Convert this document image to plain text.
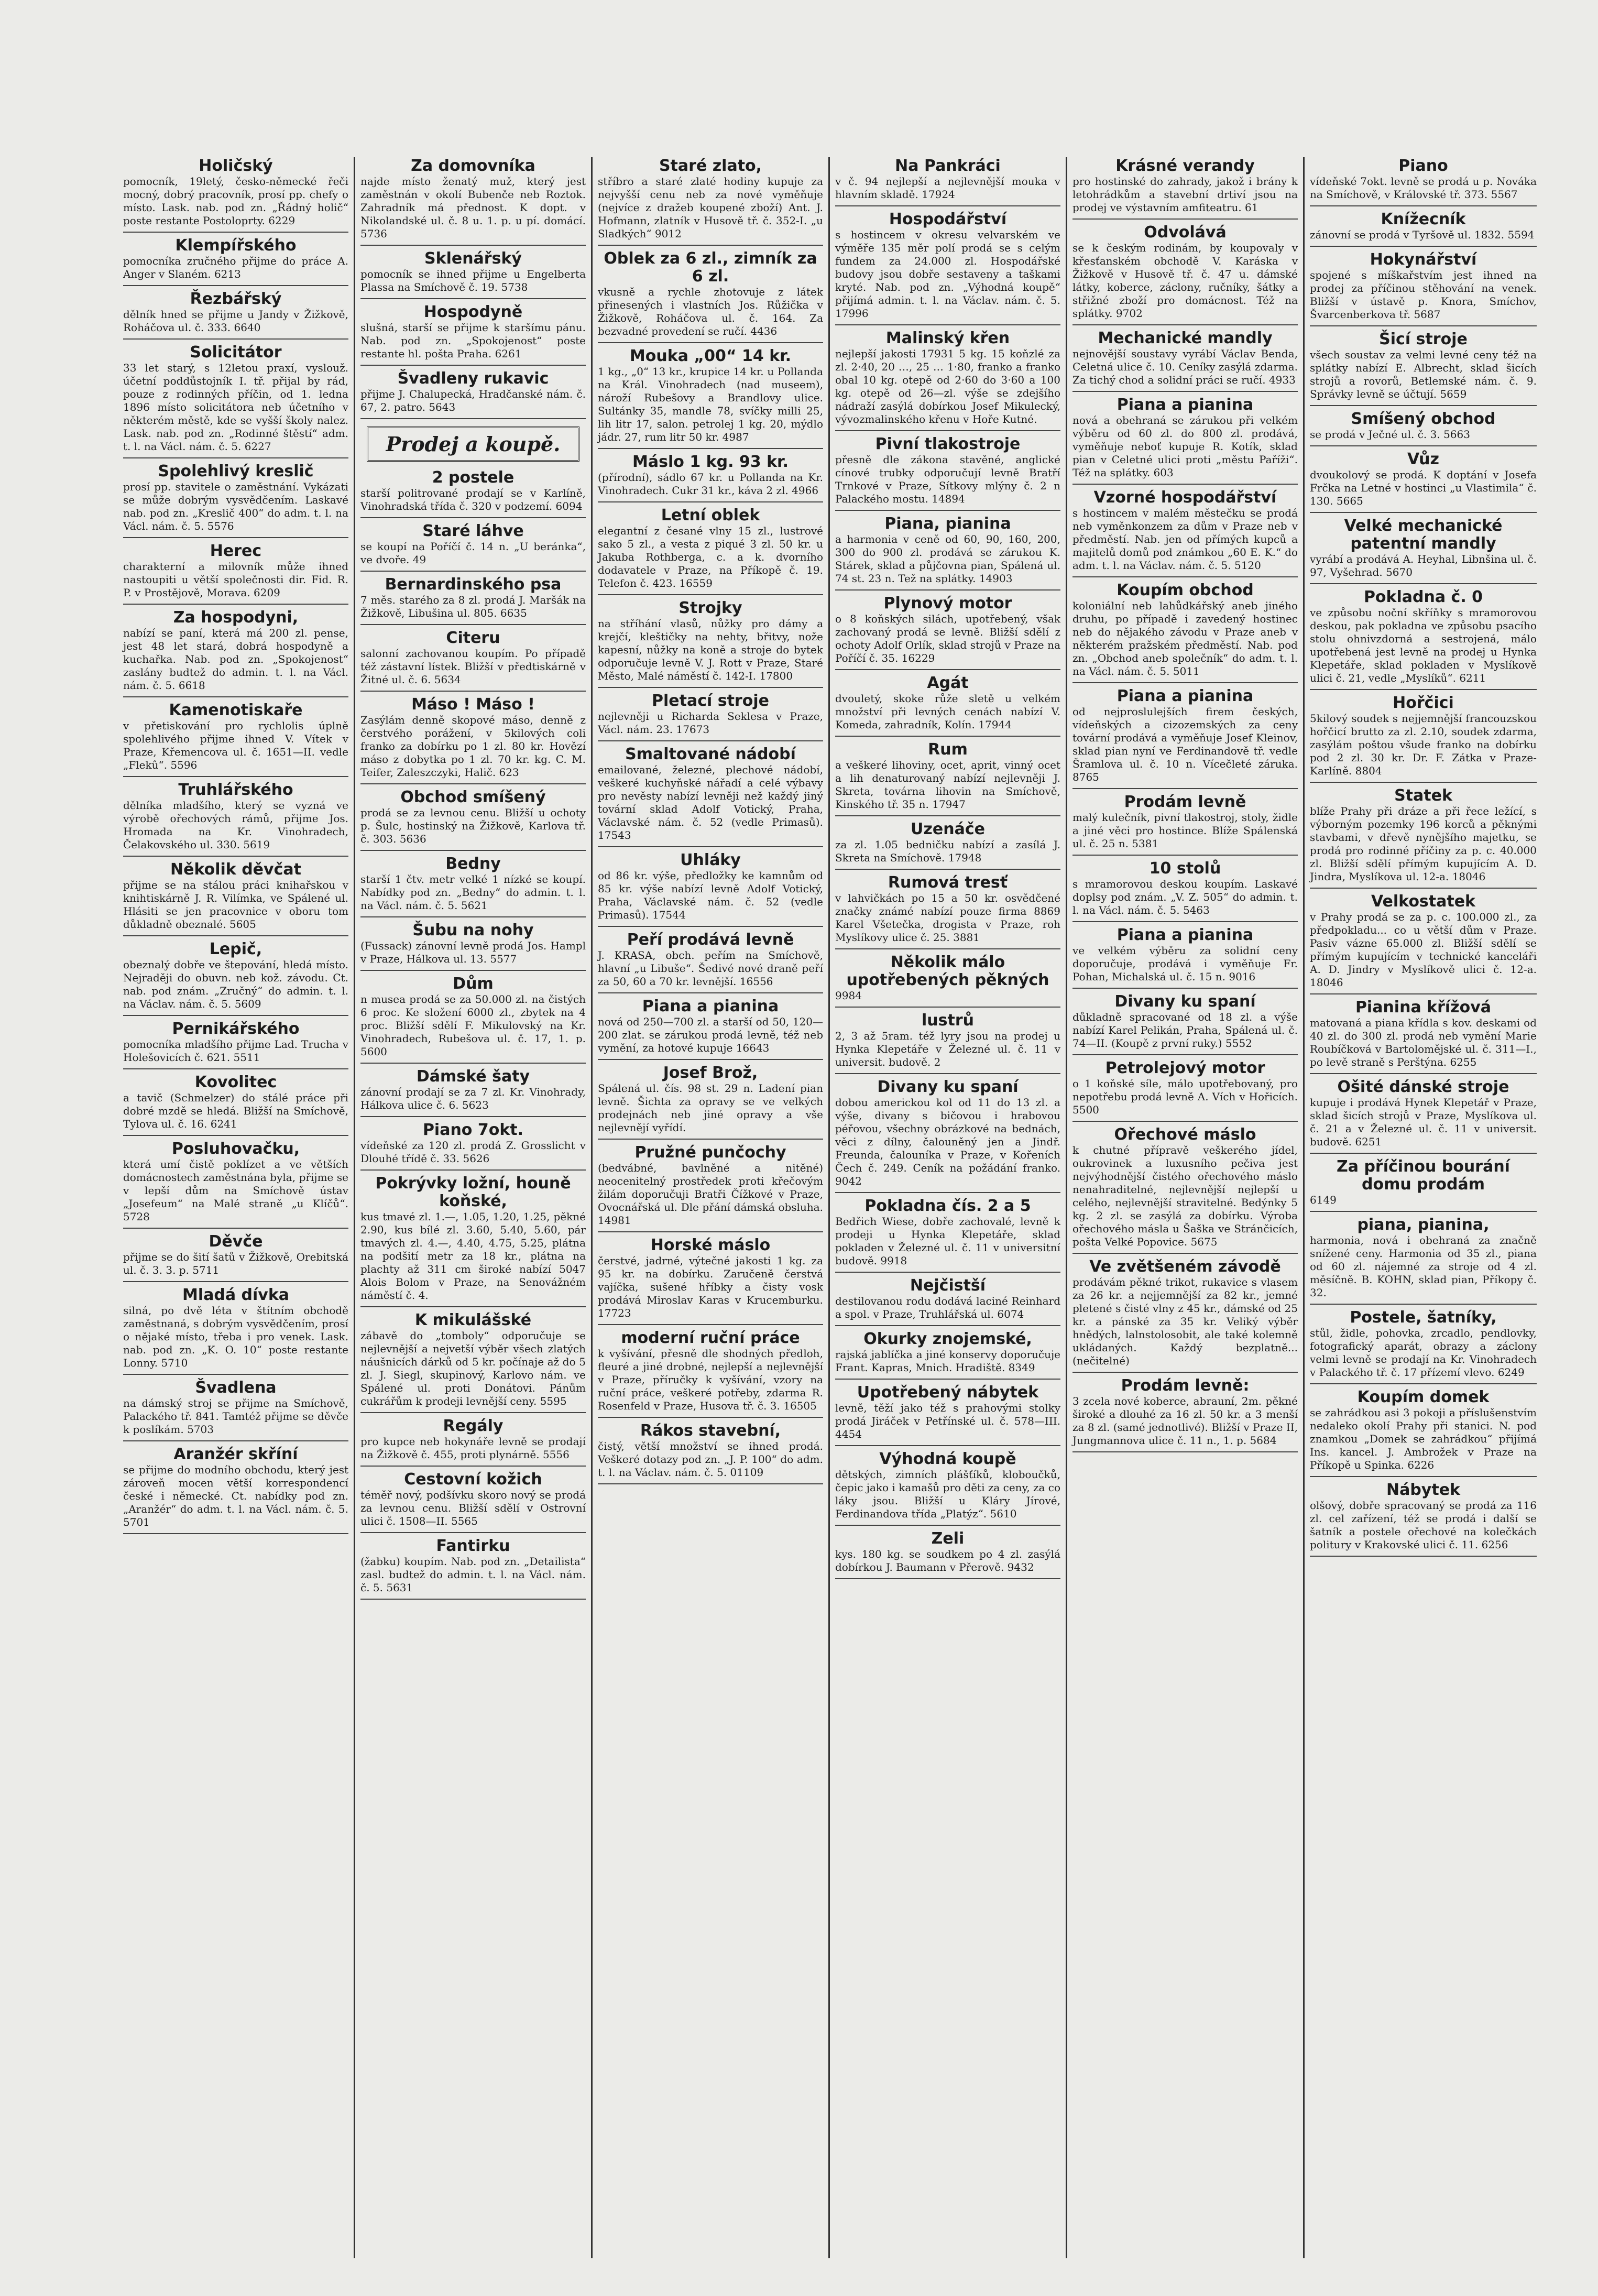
Holičský
pomocník, 19letý, česko-německé řeči mocný, dobrý pracovník, prosí pp. chefy o místo. Lask. nab. pod zn. „Řádný holič“ poste restante Postoloprty. 6229
Klempířského
pomocníka zručného přijme do práce A. Anger v Slaném. 6213
Řezbářský
dělník hned se přijme u Jandy v Žižkově, Roháčova ul. č. 333. 6640
Solicitátor
33 let starý, s 12letou praxí, vyslouž. účetní poddůstojník I. tř. přijal by rád, pouze z rodinných příčin, od 1. ledna 1896 místo solicitátora neb účetního v některém městě, kde se vyšší školy nalez. Lask. nab. pod zn. „Rodinné štěstí“ adm. t. l. na Václ. nám. č. 5. 6227
Spolehlivý kreslič
prosí pp. stavitele o zaměstnání. Vykázati se může dobrým vysvědčením. Laskavé nab. pod zn. „Kreslič 400“ do adm. t. l. na Václ. nám. č. 5. 5576
Herec
charakterní a milovník může ihned nastoupiti u větší společnosti dir. Fid. R. P. v Prostějově, Morava. 6209
Za hospodyni,
nabízí se paní, která má 200 zl. pense, jest 48 let stará, dobrá hospodyně a kuchařka. Nab. pod zn. „Spokojenost“ zaslány budtež do admin. t. l. na Václ. nám. č. 5. 6618
Kamenotiskaře
v přetiskování pro rychlolis úplně spolehlivého přijme ihned V. Vítek v Praze, Křemencova ul. č. 1651—II. vedle „Flekû“. 5596
Truhlářského
dělníka mladšího, který se vyzná ve výrobě ořechových rámů, přijme Jos. Hromada na Kr. Vinohradech, Čelakovského ul. 330. 5619
Několik děvčat
přijme se na stálou práci knihařskou v knihtiskárně J. R. Vilímka, ve Spálené ul. Hlásiti se jen pracovnice v oboru tom důkladně obeznalé. 5605
Lepič,
obeznalý dobře ve štepování, hledá místo. Nejraději do obuvn. neb kož. závodu. Ct. nab. pod znám. „Zručný“ do admin. t. l. na Václav. nám. č. 5. 5609
Pernikářského
pomocníka mladšího přijme Lad. Trucha v Holešovicích č. 621. 5511
Kovolitec
a tavič (Schmelzer) do stálé práce při dobré mzdě se hledá. Bližší na Smíchově, Tylova ul. č. 16. 6241
Posluhovačku,
která umí čistě poklízet a ve větších domácnostech zaměstnána byla, přijme se v lepší dům na Smíchově ústav „Josefeum“ na Malé straně „u Klíčů“. 5728
Děvče
přijme se do šití šatů v Žižkově, Orebitská ul. č. 3. 3. p. 5711
Mladá dívka
silná, po dvě léta v štítním obchodě zaměstnaná, s dobrým vysvědčením, prosí o nějaké místo, třeba i pro venek. Lask. nab. pod zn. „K. O. 10“ poste restante Lonny. 5710
Švadlena
na dámský stroj se přijme na Smíchově, Palackého tř. 841. Tamtéž přijme se děvče k poslíkám. 5703
Aranžér skříní
se přijme do modního obchodu, který jest zároveň mocen větší korrespondencí české i německé. Ct. nabídky pod zn. „Aranžér“ do adm. t. l. na Václ. nám. č. 5. 5701
Za domovníka
najde místo ženatý muž, který jest zaměstnán v okolí Bubenče neb Roztok. Zahradník má přednost. K dopt. v Nikolandské ul. č. 8 u. 1. p. u pí. domácí. 5736
Sklenářský
pomocník se ihned přijme u Engelberta Plassa na Smíchově č. 19. 5738
Hospodyně
slušná, starší se přijme k staršímu pánu. Nab. pod zn. „Spokojenost“ poste restante hl. pošta Praha. 6261
Švadleny rukavic
přijme J. Chalupecká, Hradčanské nám. č. 67, 2. patro. 5643
Prodej a koupě.
2 postele
starší politrované prodají se v Karlíně, Vinohradská třída č. 320 v podzemí. 6094
Staré láhve
se koupí na Poříčí č. 14 n. „U beránka“, ve dvoře. 49
Bernardinského psa
7 měs. starého za 8 zl. prodá J. Maršák na Žižkově, Libušina ul. 805. 6635
Citeru
salonní zachovanou koupím. Po případě též zástavní lístek. Bližší v předtiskárně v Žitné ul. č. 6. 5634
Máso ! Máso !
Zasýlám denně skopové máso, denně z čerstvého porážení, v 5kilových coli franko za dobírku po 1 zl. 80 kr. Hovězí máso z dobytka po 1 zl. 70 kr. kg. C. M. Teifer, Zaleszczyki, Halič. 623
Obchod smíšený
prodá se za levnou cenu. Bližší u ochoty p. Šulc, hostinský na Žižkově, Karlova tř. č. 303. 5636
Bedny
starší 1 čtv. metr velké 1 nízké se koupí. Nabídky pod zn. „Bedny“ do admin. t. l. na Václ. nám. č. 5. 5621
Šubu na nohy
(Fussack) zánovní levně prodá Jos. Hampl v Praze, Hálkova ul. 13. 5577
Dům
n musea prodá se za 50.000 zl. na čistých 6 proc. Ke složení 6000 zl., zbytek na 4 proc. Bližší sdělí F. Mikulovský na Kr. Vinohradech, Rubešova ul. č. 17, 1. p. 5600
Dámské šaty
zánovní prodají se za 7 zl. Kr. Vinohrady, Hálkova ulice č. 6. 5623
Piano 7okt.
vídeňské za 120 zl. prodá Z. Grosslicht v Dlouhé třídě č. 33. 5626
Pokrývky ložní, houně koňské,
kus tmavé zl. 1.—, 1.05, 1.20, 1.25, pěkné 2.90, kus bílé zl. 3.60, 5.40, 5.60, pár tmavých zl. 4.—, 4.40, 4.75, 5.25, plátna na podšití metr za 18 kr., plátna na plachty až 311 cm široké nabízí 5047 Alois Bolom v Praze, na Senovážném náměstí č. 4.
K mikulášské
zábavě do „tomboly“ odporučuje se nejlevnější a nejvetší výběr všech zlatých náušnicích dárků od 5 kr. počínaje až do 5 zl. J. Siegl, skupinový, Karlovo nám. ve Spálené ul. proti Donátovi. Pánům cukrářům k prodeji levnější ceny. 5595
Regály
pro kupce neb hokynáře levně se prodají na Žižkově č. 455, proti plynárně. 5556
Cestovní kožich
téměř nový, podšívku skoro nový se prodá za levnou cenu. Bližší sdělí v Ostrovní ulici č. 1508—II. 5565
Fantirku
(žabku) koupím. Nab. pod zn. „Detailista“ zasl. budtež do admin. t. l. na Václ. nám. č. 5. 5631
Staré zlato,
stříbro a staré zlaté hodiny kupuje za nejvyšší cenu neb za nové vyměňuje (nejvíce z dražeb koupené zboží) Ant. J. Hofmann, zlatník v Husově tř. č. 352-I. „u Sladkých“ 9012
Oblek za 6 zl., zimník za 6 zl.
vkusně a rychle zhotovuje z látek přinesených i vlastních Jos. Růžička v Žižkově, Roháčova ul. č. 164. Za bezvadné provedení se ručí. 4436
Mouka „00“ 14 kr.
1 kg., „0“ 13 kr., krupice 14 kr. u Pollanda na Král. Vinohradech (nad museem), nároží Rubešovy a Brandlovy ulice. Sultánky 35, mandle 78, svíčky milli 25, lih litr 17, salon. petrolej 1 kg. 20, mýdlo jádr. 27, rum litr 50 kr. 4987
Máslo 1 kg. 93 kr.
(přírodní), sádlo 67 kr. u Pollanda na Kr. Vinohradech. Cukr 31 kr., káva 2 zl. 4966
Letní oblek
elegantní z česané vlny 15 zl., lustrové sako 5 zl., a vesta z piqué 3 zl. 50 kr. u Jakuba Rothberga, c. a k. dvorního dodavatele v Praze, na Příkopě č. 19. Telefon č. 423. 16559
Strojky
na stříhání vlasů, nůžky pro dámy a krejčí, kleštičky na nehty, břitvy, nože kapesní, nůžky na koně a stroje do bytek odporučuje levně V. J. Rott v Praze, Staré Město, Malé náměstí č. 142-I. 17800
Pletací stroje
nejlevněji u Richarda Seklesa v Praze, Václ. nám. 23. 17673
Smaltované nádobí
emailované, železné, plechové nádobí, veškeré kuchyňské nářadí a celé výbavy pro nevěsty nabízí levněji než každý jiný tovární sklad Adolf Votický, Praha, Václavské nám. č. 52 (vedle Primasů). 17543
Uhláky
od 86 kr. výše, předložky ke kamnům od 85 kr. výše nabízí levně Adolf Votický, Praha, Václavské nám. č. 52 (vedle Primasů). 17544
Peří prodává levně
J. KRASA, obch. peřím na Smíchově, hlavní „u Libuše“. Šedivé nové draně peří za 50, 60 a 70 kr. levnější. 16556
Piana a pianina
nová od 250—700 zl. a starší od 50, 120—200 zlat. se zárukou prodá levně, též neb vymění, za hotové kupuje 16643
Josef Brož,
Spálená ul. čís. 98 st. 29 n. Ladení pian levně. Šichta za opravy se ve velkých prodejnách neb jiné opravy a vše nejlevnějí vyřídí.
Pružné punčochy
(bedvábné, bavlněné a nitěné) neocenitelný prostředek proti křečovým žilám doporučuji Bratři Čížkové v Praze, Ovocnářská ul. Dle přání dámská obsluha. 14981
Horské máslo
čerstvé, jadrné, výtečné jakosti 1 kg. za 95 kr. na dobírku. Zaručeně čerstvá vajíčka, sušené hříbky a čisty vosk prodává Miroslav Karas v Krucemburku. 17723
moderní ruční práce
k vyšívání, přesně dle shodných předloh, fleuré a jiné drobné, nejlepší a nejlevnější v Praze, příručky k vyšívání, vzory na ruční práce, veškeré potřeby, zdarma R. Rosenfeld v Praze, Husova tř. č. 3. 16505
Rákos stavební,
čistý, větší množství se ihned prodá. Veškeré dotazy pod zn. „J. P. 100“ do adm. t. l. na Václav. nám. č. 5. 01109
Na Pankráci
v č. 94 nejlepší a nejlevnější mouka v hlavním skladě. 17924
Hospodářství
s hostincem v okresu velvarském ve výměře 135 měr polí prodá se s celým fundem za 24.000 zl. Hospodářské budovy jsou dobře sestaveny a taškami kryté. Nab. pod zn. „Výhodná koupě“ přijímá admin. t. l. na Václav. nám. č. 5. 17996
Malinský křen
nejlepší jakosti 17931 5 kg. 15 koňzlé za zl. 2·40, 20 …, 25 … 1·80, franko a franko obal 10 kg. otepě od 2·60 do 3·60 a 100 kg. otepě od 26—zl. výše se zdejšího nádraží zasýlá dobírkou Josef Mikulecký, vývozmalinského křenu v Hoře Kutné.
Pivní tlakostroje
přesně dle zákona stavěné, anglické cínové trubky odporučují levně Bratří Trnkové v Praze, Sítkovy mlýny č. 2 n Palackého mostu. 14894
Piana, pianina
a harmonia v ceně od 60, 90, 160, 200, 300 do 900 zl. prodává se zárukou K. Stárek, sklad a půjčovna pian, Spálená ul. 74 st. 23 n. Tež na splátky. 14903
Plynový motor
o 8 koňských silách, upotřebený, však zachovaný prodá se levně. Bližší sdělí z ochoty Adolf Orlík, sklad strojů v Praze na Poříčí č. 35. 16229
Agát
dvouletý, skoke růže sletě u velkém množství při levných cenách nabízí V. Komeda, zahradník, Kolín. 17944
Rum
a veškeré lihoviny, ocet, aprit, vinný ocet a lih denaturovaný nabízí nejlevněji J. Skreta, továrna lihovin na Smíchově, Kinského tř. 35 n. 17947
Uzenáče
za zl. 1.05 bedničku nabízí a zasílá J. Skreta na Smíchově. 17948
Rumová tresť
v lahvičkách po 15 a 50 kr. osvědčené značky známé nabízí pouze firma 8869 Karel Všetečka, drogista v Praze, roh Myslíkovy ulice č. 25. 3881
Několik málo upotřebených pěkných
9984
lustrů
2, 3 až 5ram. též lyry jsou na prodej u Hynka Klepetáře v Železné ul. č. 11 v universit. budově. 2
Divany ku spaní
dobou americkou kol od 11 do 13 zl. a výše, divany s bičovou i hrabovou péřovou, všechny obrázkové na bednách, věci z dílny, čalouněný jen a Jindř. Freunda, čalouníka v Praze, v Kořeních Čech č. 249. Ceník na požádání franko. 9042
Pokladna čís. 2 a 5
Bedřich Wiese, dobře zachovalé, levně k prodeji u Hynka Klepetáře, sklad pokladen v Železné ul. č. 11 v universitní budově. 9918
Nejčistší
destilovanou rodu dodává laciné Reinhard a spol. v Praze, Truhlářská ul. 6074
Okurky znojemské,
rajská jablíčka a jiné konservy doporučuje Frant. Kapras, Mnich. Hradiště. 8349
Upotřebený nábytek
levně, těží jako též s prahovými stolky prodá Jiráček v Petřínské ul. č. 578—III. 4454
Výhodná koupě
dětských, zimních plášťíků, kloboučků, čepic jako i kamašů pro děti za ceny, za co láky jsou. Bližší u Kláry Jírové, Ferdinandova třída „Platýz“. 5610
Zeli
kys. 180 kg. se soudkem po 4 zl. zasýlá dobírkou J. Baumann v Přerově. 9432
Krásné verandy
pro hostinské do zahrady, jakož i brány k letohrádkům a stavební drtiví jsou na prodej ve výstavním amfiteatru. 61
Odvolává
se k českým rodinám, by koupovaly v křesťanském obchodě V. Karáska v Žižkově v Husově tř. č. 47 u. dámské látky, koberce, záclony, ručníky, šátky a střižné zboží pro domácnost. Též na splátky. 9702
Mechanické mandly
nejnovější soustavy vyrábí Václav Benda, Celetná ulice č. 10. Ceníky zasýlá zdarma. Za tichý chod a solidní práci se ručí. 4933
Piana a pianina
nová a obehraná se zárukou při velkém výběru od 60 zl. do 800 zl. prodává, vyměňuje neboť kupuje R. Kotík, sklad pian v Celetné ulici proti „městu Paříži“. Též na splátky. 603
Vzorné hospodářství
s hostincem v malém městečku se prodá neb vyměnkonzem za dům v Praze neb v předměstí. Nab. jen od přímých kupců a majitelů domů pod známkou „60 E. K.“ do adm. t. l. na Václav. nám. č. 5. 5120
Koupím obchod
koloniální neb lahůdkářský aneb jiného druhu, po případě i zavedený hostinec neb do nějakého závodu v Praze aneb v některém pražském předměstí. Nab. pod zn. „Obchod aneb společník“ do adm. t. l. na Václ. nám. č. 5. 5011
Piana a pianina
od nejproslulejších firem českých, vídeňských a cizozemských za ceny tovární prodává a vyměňuje Josef Kleinov, sklad pian nyní ve Ferdinandově tř. vedle Šramlova ul. č. 10 n. Vícečleté záruka. 8765
Prodám levně
malý kulečník, pivní tlakostroj, stoly, židle a jiné věci pro hostince. Blíže Spálenská ul. č. 25 n. 5381
10 stolů
s mramorovou deskou koupím. Laskavé doplsy pod znám. „V. Z. 505“ do admin. t. l. na Václ. nám. č. 5. 5463
Piana a pianina
ve velkém výběru za solidní ceny doporučuje, prodává i vyměňuje Fr. Pohan, Michalská ul. č. 15 n. 9016
Divany ku spaní
důkladně spracované od 18 zl. a výše nabízí Karel Pelikán, Praha, Spálená ul. č. 74—II. (Koupě z první ruky.) 5552
Petrolejový motor
o 1 koňské síle, málo upotřebovaný, pro nepotřebu prodá levně A. Vích v Hořicích. 5500
Ořechové máslo
k chutné přípravě veškerého jídel, oukrovinek a luxusního pečiva jest nejvýhodnější čistého ořechového máslo nenahraditelné, nejlevnější nejlepší u celého, nejlevnější stravitelné. Bedýnky 5 kg. 2 zl. se zasýlá za dobírku. Výroba ořechového másla u Šaška ve Stránčicích, pošta Velké Popovice. 5675
Ve zvětšeném závodě
prodávám pěkné trikot, rukavice s vlasem za 26 kr. a nejjemnější za 82 kr., jemné pletené s čisté vlny z 45 kr., dámské od 25 kr. a pánské za 35 kr. Veliký výběr hnědých, lalnstolosobit, ale také kolemně ukládaných. Každý bezplatně... (nečitelné)
Prodám levně:
3 zcela nové koberce, abrauní, 2m. pěkné široké a dlouhé za 16 zl. 50 kr. a 3 menší za 8 zl. (samé jednotlivé). Bližší v Praze II, Jungmannova ulice č. 11 n., 1. p. 5684
Piano
vídeňské 7okt. levně se prodá u p. Nováka na Smíchově, v Královské tř. 373. 5567
Knížecník
zánovní se prodá v Tyršově ul. 1832. 5594
Hokynářství
spojené s míškařstvím jest ihned na prodej za příčinou stěhování na venek. Bližší v ústavě p. Knora, Smíchov, Švarcenberkova tř. 5687
Šicí stroje
všech soustav za velmi levné ceny též na splátky nabízí E. Albrecht, sklad šicích strojů a rovorů, Betlemské nám. č. 9. Správky levně se účtují. 5659
Smíšený obchod
se prodá v Ječné ul. č. 3. 5663
Vůz
dvoukolový se prodá. K doptání v Josefa Frčka na Letné v hostinci „u Vlastimila“ č. 130. 5665
Velké mechanické patentní mandly
vyrábí a prodává A. Heyhal, Libnšina ul. č. 97, Vyšehrad. 5670
Pokladna č. 0
ve způsobu noční skříňky s mramorovou deskou, pak pokladna ve způsobu psacího stolu ohnivzdorná a sestrojená, málo upotřebená jest levně na prodej u Hynka Klepetáře, sklad pokladen v Myslíkově ulici č. 21, vedle „Myslíků“. 6211
Hořčici
5kilový soudek s nejjemnější francouzskou hořčicí brutto za zl. 2.10, soudek zdarma, zasýlám poštou všude franko na dobírku pod 2 zl. 30 kr. Dr. F. Zátka v Praze-Karlíně. 8804
Statek
blíže Prahy při dráze a při řece ležící, s výborným pozemky 196 korců a pěknými stavbami, v dřevě nynějšího majetku, se prodá pro rodinné příčiny za p. c. 40.000 zl. Bližší sdělí přímým kupujícím A. D. Jindra, Myslíkova ul. 12-a. 18046
Velkostatek
v Prahy prodá se za p. c. 100.000 zl., za předpokladu... co u větší dům v Praze. Pasiv vázne 65.000 zl. Bližší sdělí se přímým kupujícím v technické kanceláři A. D. Jindry v Myslíkově ulici č. 12-a. 18046
Pianina křížová
matovaná a piana křídla s kov. deskami od 40 zl. do 300 zl. prodá neb vymění Marie Roubíčková v Bartolomějské ul. č. 311—I., po levě straně s Perštýna. 6255
Ošité dánské stroje
kupuje i prodává Hynek Klepetář v Praze, sklad šicích strojů v Praze, Myslíkova ul. č. 21 a v Železné ul. č. 11 v universit. budově. 6251
Za příčinou bourání domu prodám
6149
piana, pianina,
harmonia, nová i obehraná za značně snížené ceny. Harmonia od 35 zl., piana od 60 zl. nájemné za stroje od 4 zl. měsíčně. B. KOHN, sklad pian, Příkopy č. 32.
Postele, šatníky,
stůl, židle, pohovka, zrcadlo, pendlovky, fotografický aparát, obrazy a záclony velmi levně se prodají na Kr. Vinohradech v Palackého tř. č. 17 přízemí vlevo. 6249
Koupím domek
se zahrádkou asi 3 pokoji a příslušenstvím nedaleko okolí Prahy při stanici. N. pod znamkou „Domek se zahrádkou“ přijímá Ins. kancel. J. Ambrožek v Praze na Příkopě u Spinka. 6226
Nábytek
olšový, dobře spracovaný se prodá za 116 zl. cel zařízení, též se prodá i další se šatník a postele ořechové na kolečkách politury v Krakovské ulici č. 11. 6256
